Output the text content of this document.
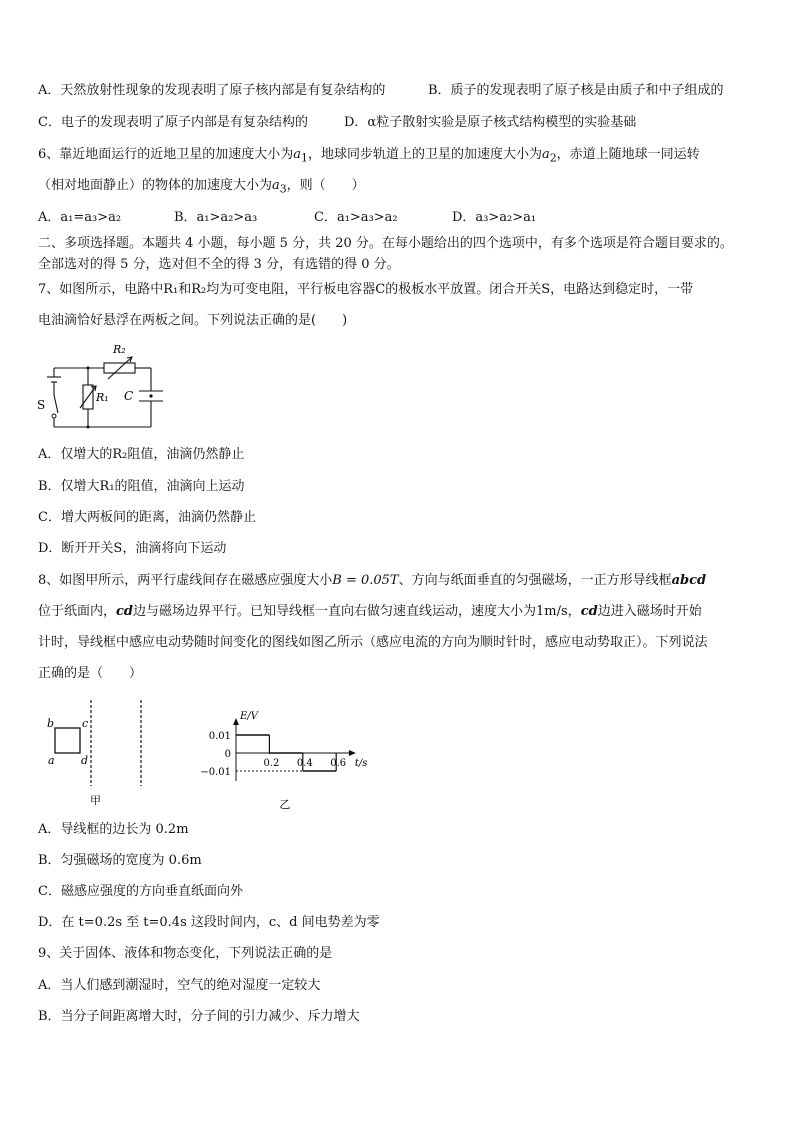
A．天然放射性现象的发现表明了原子核内部是有复杂结构的	B．质子的发现表明了原子核是由质子和中子组成的
C．电子的发现表明了原子内部是有复杂结构的	D．α粒子散射实验是原子核式结构模型的实验基础
6、靠近地面运行的近地卫星的加速度大小为$a_1$，地球同步轨道上的卫星的加速度大小为$a_2$，赤道上随地球一同运转
（相对地面静止）的物体的加速度大小为$a_3$，则（　　）
A．a₁=a₃>a₂	B．a₁>a₂>a₃	C．a₁>a₃>a₂	D．a₃>a₂>a₁
二、多项选择题。本题共 4 小题，每小题 5 分，共 20 分。在每小题给出的四个选项中，有多个选项是符合题目要求的。
全部选对的得 5 分，选对但不全的得 3 分，有选错的得 0 分。
7、如图所示，电路中R₁和R₂均为可变电阻，平行板电容器C的极板水平放置。闭合开关S，电路达到稳定时，一带
电油滴恰好悬浮在两板之间。下列说法正确的是(　　)
R₂
R₁ C
S
A．仅增大的R₂阻值，油滴仍然静止
B．仅增大R₁的阻值，油滴向上运动
C．增大两板间的距离，油滴仍然静止
D．断开开关S，油滴将向下运动
8、如图甲所示，两平行虚线间存在磁感应强度大小B = 0.05T、方向与纸面垂直的匀强磁场，一正方形导线框abcd
位于纸面内，cd边与磁场边界平行。已知导线框一直向右做匀速直线运动，速度大小为1m/s，cd边进入磁场时开始
计时，导线框中感应电动势随时间变化的图线如图乙所示（感应电流的方向为顺时针时，感应电动势取正）。下列说法
正确的是（　　）
a
b	c
d
甲
E/V
t/s
0.01
0
−0.01
0.2 0.4 0.6
乙
A．导线框的边长为 0.2m
B．匀强磁场的宽度为 0.6m
C．磁感应强度的方向垂直纸面向外
D．在 t=0.2s 至 t=0.4s 这段时间内，c、d 间电势差为零
9、关于固体、液体和物态变化，下列说法正确的是
A．当人们感到潮湿时，空气的绝对湿度一定较大
B．当分子间距离增大时，分子间的引力减少、斥力增大
